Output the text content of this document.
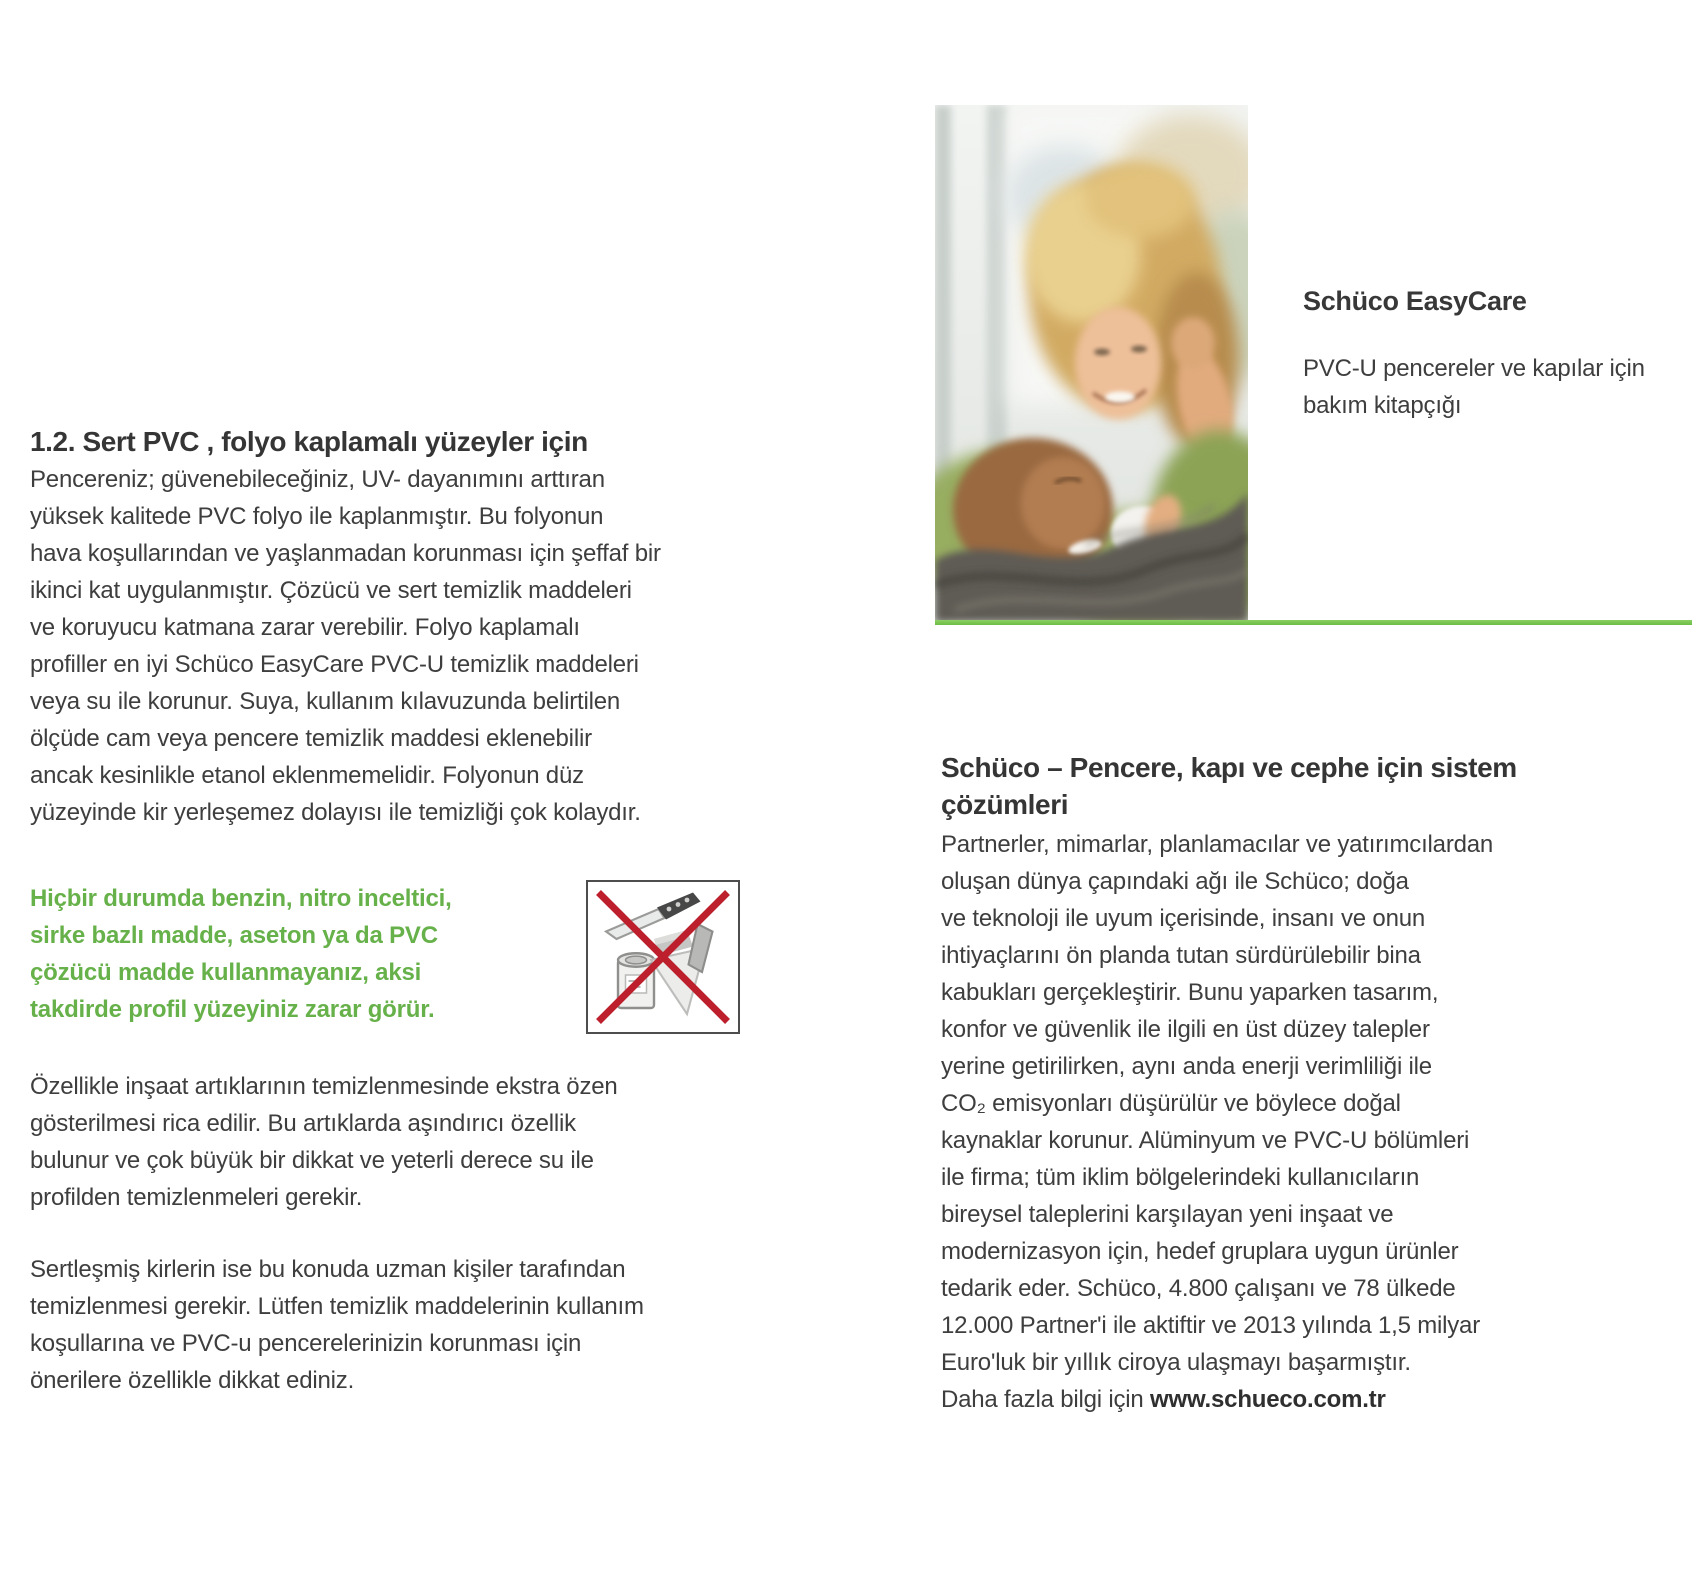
1.2. Sert PVC , folyo kaplamalı yüzeyler için
Pencereniz; güvenebileceğiniz, UV- dayanımını arttıran
yüksek kalitede PVC folyo ile kaplanmıştır. Bu folyonun
hava koşullarından ve yaşlanmadan korunması için şeffaf bir
ikinci kat uygulanmıştır. Çözücü ve sert temizlik maddeleri
ve koruyucu katmana zarar verebilir. Folyo kaplamalı
profiller en iyi Schüco EasyCare PVC-U temizlik maddeleri
veya su ile korunur. Suya, kullanım kılavuzunda belirtilen
ölçüde cam veya pencere temizlik maddesi eklenebilir
ancak kesinlikle etanol eklenmemelidir. Folyonun düz
yüzeyinde kir yerleşemez dolayısı ile temizliği çok kolaydır.
Hiçbir durumda benzin, nitro inceltici,
sirke bazlı madde, aseton ya da PVC
çözücü madde kullanmayanız, aksi
takdirde profil yüzeyiniz zarar görür.
Özellikle inşaat artıklarının temizlenmesinde ekstra özen
gösterilmesi rica edilir. Bu artıklarda aşındırıcı özellik
bulunur ve çok büyük bir dikkat ve yeterli derece su ile
profilden temizlenmeleri gerekir.
Sertleşmiş kirlerin ise bu konuda uzman kişiler tarafından
temizlenmesi gerekir. Lütfen temizlik maddelerinin kullanım
koşullarına ve PVC-u pencerelerinizin korunması için
önerilere özellikle dikkat ediniz.
Schüco EasyCare
PVC-U pencereler ve kapılar için
bakım kitapçığı
Schüco – Pencere, kapı ve cephe için sistem
çözümleri
Partnerler, mimarlar, planlamacılar ve yatırımcılardan
oluşan dünya çapındaki ağı ile Schüco; doğa
ve teknoloji ile uyum içerisinde, insanı ve onun
ihtiyaçlarını ön planda tutan sürdürülebilir bina
kabukları gerçekleştirir. Bunu yaparken tasarım,
konfor ve güvenlik ile ilgili en üst düzey talepler
yerine getirilirken, aynı anda enerji verimliliği ile
CO₂ emisyonları düşürülür ve böylece doğal
kaynaklar korunur. Alüminyum ve PVC-U bölümleri
ile firma; tüm iklim bölgelerindeki kullanıcıların
bireysel taleplerini karşılayan yeni inşaat ve
modernizasyon için, hedef gruplara uygun ürünler
tedarik eder. Schüco, 4.800 çalışanı ve 78 ülkede
12.000 Partner'i ile aktiftir ve 2013 yılında 1,5 milyar
Euro'luk bir yıllık ciroya ulaşmayı başarmıştır.
Daha fazla bilgi için www.schueco.com.tr
